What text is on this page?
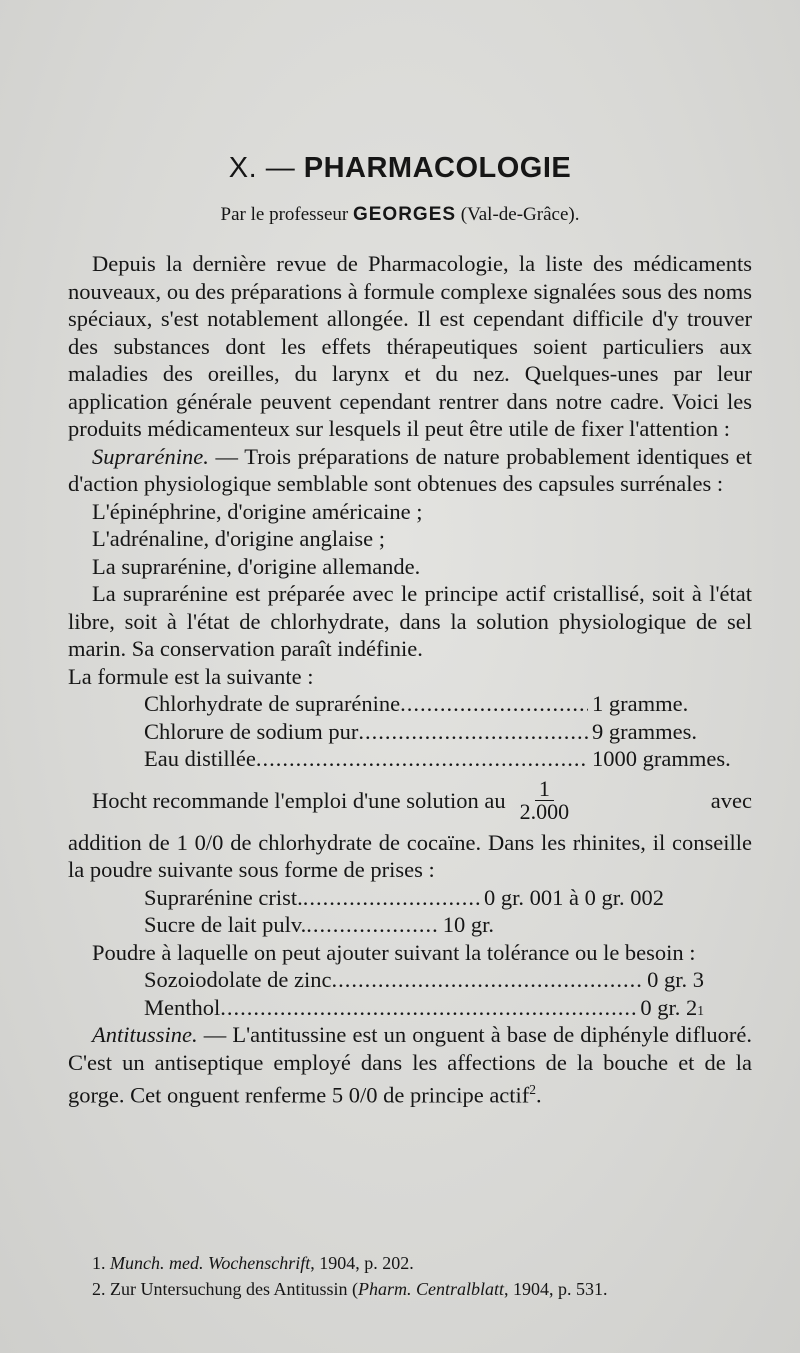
X. — PHARMACOLOGIE
Par le professeur GEORGES (Val-de-Grâce).

Depuis la dernière revue de Pharmacologie, la liste des médicaments nouveaux, ou des préparations à formule complexe signalées sous des noms spéciaux, s'est notablement allongée. Il est cependant difficile d'y trouver des substances dont les effets thérapeutiques soient particuliers aux maladies des oreilles, du larynx et du nez. Quelques-unes par leur application générale peuvent cependant rentrer dans notre cadre. Voici les produits médicamenteux sur lesquels il peut être utile de fixer l'attention :

Suprarénine. — Trois préparations de nature probablement identiques et d'action physiologique semblable sont obtenues des capsules surrénales :

L'épinéphrine, d'origine américaine ;

L'adrénaline, d'origine anglaise ;

La suprarénine, d'origine allemande.

La suprarénine est préparée avec le principe actif cristallisé, soit à l'état libre, soit à l'état de chlorhydrate, dans la solution physiologique de sel marin. Sa conservation paraît indéfinie.

La formule est la suivante :

Chlorhydrate de suprarénine .....	1 gramme.
Chlorure de sodium pur .....	9 grammes.
Eau distillée .....	1000 grammes.
Hocht recommande l'emploi d'une solution au $\frac{1}{2.000}$	avec

addition de 1 0/0 de chlorhydrate de cocaïne. Dans les rhinites, il conseille la poudre suivante sous forme de prises :

Suprarénine crist. .....	0 gr. 001 à 0 gr. 002
Sucre de lait pulv. .....	10 gr.

Poudre à laquelle on peut ajouter suivant la tolérance ou le besoin :

Sozoiodolate de zinc .....	0 gr. 3
Menthol .....	0 gr. 2 1

Antitussine. — L'antitussine est un onguent à base de diphényle difluoré. C'est un antiseptique employé dans les affections de la bouche et de la gorge. Cet onguent renferme 5 0/0 de principe actif$^2$.

1. Munch. med. Wochenschrift, 1904, p. 202.

2. Zur Untersuchung des Antitussin (Pharm. Centralblatt, 1904, p. 531.
